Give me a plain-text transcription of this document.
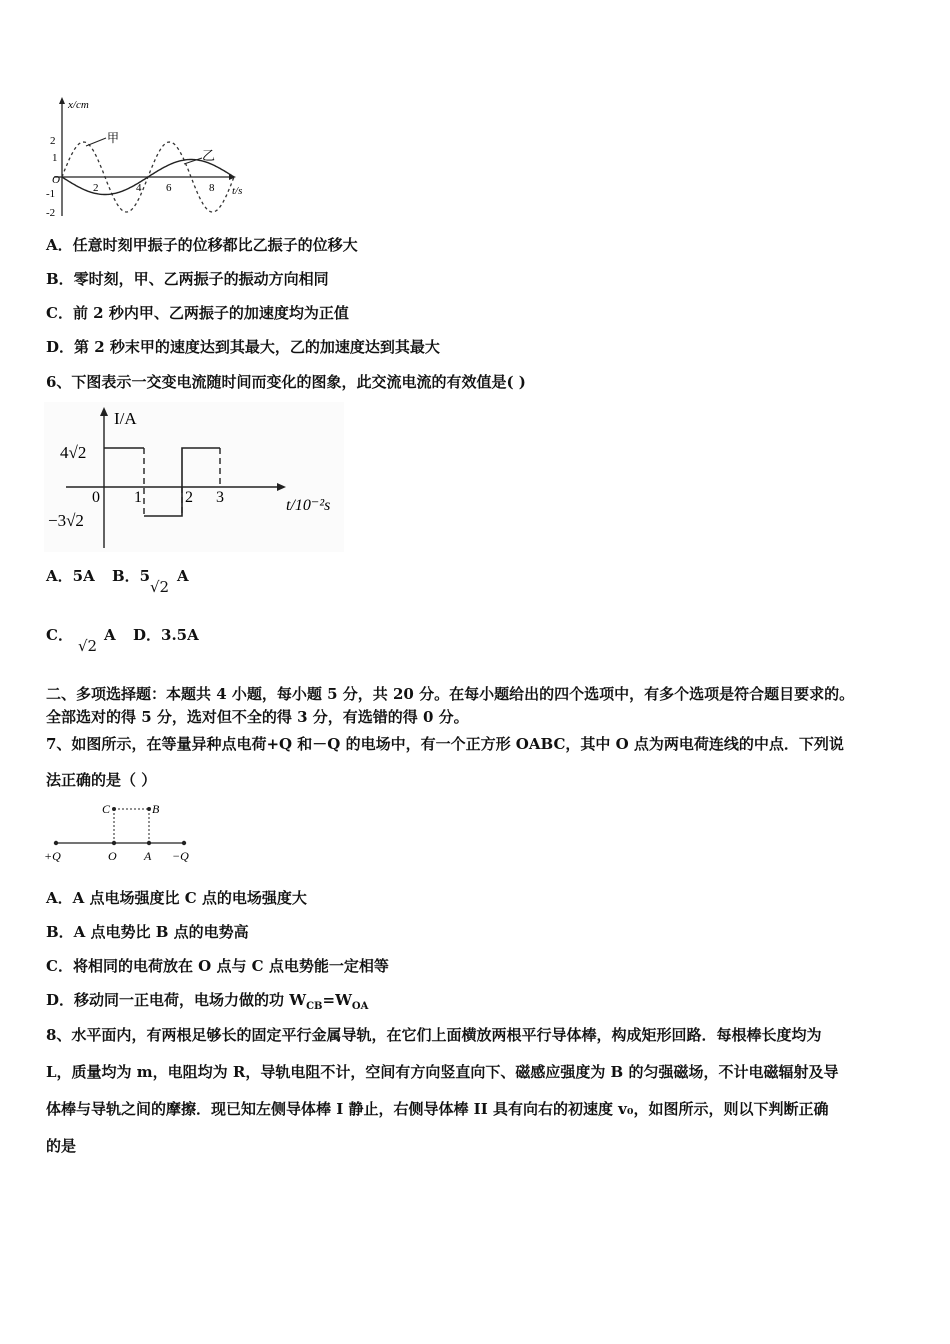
x/cm
2
1
-1
-2
O
2	4 6	8 t/s
甲
乙
A．任意时刻甲振子的位移都比乙振子的位移大
B．零时刻，甲、乙两振子的振动方向相同
C．前 2 秒内甲、乙两振子的加速度均为正值
D．第 2 秒末甲的速度达到其最大，乙的加速度达到其最大
6、下图表示一交变电流随时间而变化的图象，此交流电流的有效值是( )
I/A
4√2
−3√2
0 1	2 3	t/10⁻²s
A．5A B．5
√2
A
C．
√2
A D．3.5A
二、多项选择题：本题共 4 小题，每小题 5 分，共 20 分。在每小题给出的四个选项中，有多个选项是符合题目要求的。
全部选对的得 5 分，选对但不全的得 3 分，有选错的得 0 分。
7、如图所示，在等量异种点电荷+Q 和－Q 的电场中，有一个正方形 OABC，其中 O 点为两电荷连线的中点．下列说
法正确的是（ ）
+Q	O A −Q
C	B
A．A 点电场强度比 C 点的电场强度大
B．A 点电势比 B 点的电势高
C．将相同的电荷放在 O 点与 C 点电势能一定相等
D．移动同一正电荷，电场力做的功 $W_{CB}=W_{OA}$
8、水平面内，有两根足够长的固定平行金属导轨，在它们上面横放两根平行导体棒，构成矩形回路．每根棒长度均为
L，质量均为 m，电阻均为 R，导轨电阻不计，空间有方向竖直向下、磁感应强度为 B 的匀强磁场，不计电磁辐射及导
体棒与导轨之间的摩擦．现已知左侧导体棒 I 静止，右侧导体棒 II 具有向右的初速度 v₀，如图所示，则以下判断正确
的是
